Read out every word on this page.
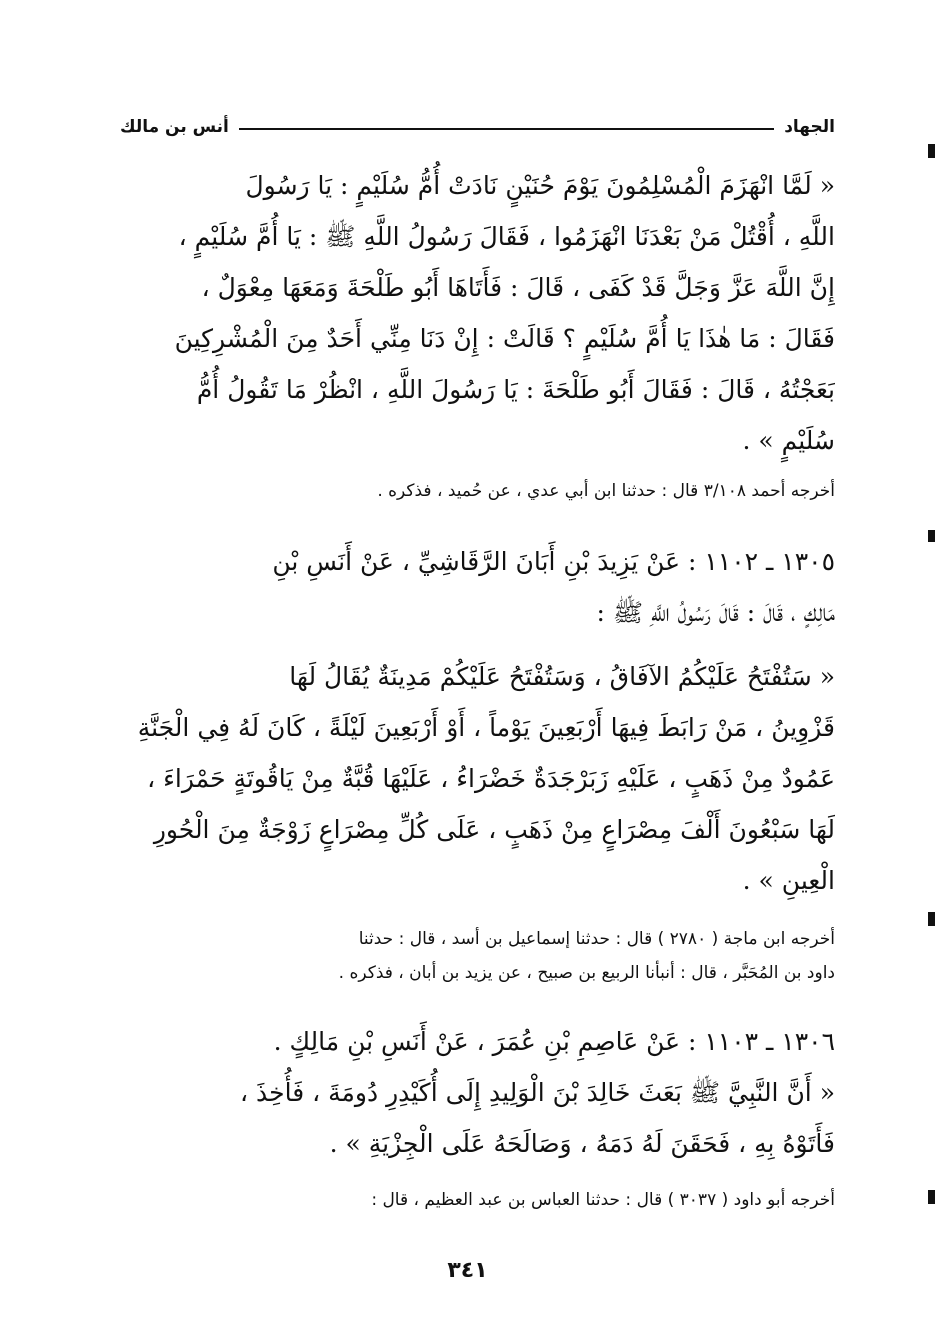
الجهاد
أنس بن مالك
« لَمَّا انْهَزَمَ الْمُسْلِمُونَ يَوْمَ حُنَيْنٍ نَادَتْ أُمُّ سُلَيْمٍ : يَا رَسُولَ
اللَّهِ ، أُقْتُلْ مَنْ بَعْدَنَا انْهَزَمُوا ، فَقَالَ رَسُولُ اللَّهِ ﷺ : يَا أُمَّ سُلَيْمٍ ،
إِنَّ اللَّهَ عَزَّ وَجَلَّ قَدْ كَفَى ، قَالَ : فَأَتَاهَا أَبُو طَلْحَةَ وَمَعَهَا مِعْوَلٌ ،
فَقَالَ : مَا هٰذَا يَا أُمَّ سُلَيْمٍ ؟ قَالَتْ : إِنْ دَنَا مِنِّي أَحَدٌ مِنَ الْمُشْرِكِينَ
بَعَجْتُهُ ، قَالَ : فَقَالَ أَبُو طَلْحَةَ : يَا رَسُولَ اللَّهِ ، انْظُرْ مَا تَقُولُ أُمُّ
سُلَيْمٍ » .
أخرجه أحمد ٣/١٠٨ قال : حدثنا ابن أبي عدي ، عن حُميد ، فذكره .
١٣٠٥ ـ ١١٠٢ : عَنْ يَزِيدَ بْنِ أَبَانَ الرَّقَاشِيِّ ، عَنْ أَنَسِ بْنِ
مَالِكٍ ، قَالَ : قَالَ رَسُولُ اللَّهِ ﷺ :
« سَتُفْتَحُ عَلَيْكُمُ الآفَاقُ ، وَسَتُفْتَحُ عَلَيْكُمْ مَدِينَةٌ يُقَالُ لَهَا
قَزْوِينُ ، مَنْ رَابَطَ فِيهَا أَرْبَعِينَ يَوْماً ، أَوْ أَرْبَعِينَ لَيْلَةً ، كَانَ لَهُ فِي الْجَنَّةِ
عَمُودٌ مِنْ ذَهَبٍ ، عَلَيْهِ زَبَرْجَدَةٌ خَضْرَاءُ ، عَلَيْهَا قُبَّةٌ مِنْ يَاقُوتَةٍ حَمْرَاءَ ،
لَهَا سَبْعُونَ أَلْفَ مِصْرَاعٍ مِنْ ذَهَبٍ ، عَلَى كُلِّ مِصْرَاعٍ زَوْجَةٌ مِنَ الْحُورِ
الْعِينِ » .
أخرجه ابن ماجة ( ٢٧٨٠ ) قال : حدثنا إسماعيل بن أسد ، قال : حدثنا
داود بن المُحَبَّر ، قال : أنبأنا الربيع بن صبيح ، عن يزيد بن أبان ، فذكره .
١٣٠٦ ـ ١١٠٣ : عَنْ عَاصِمِ بْنِ عُمَرَ ، عَنْ أَنَسِ بْنِ مَالِكٍ .
« أَنَّ النَّبِيَّ ﷺ بَعَثَ خَالِدَ بْنَ الْوَلِيدِ إِلَى أُكَيْدِرِ دُومَةَ ، فَأُخِذَ ،
فَأَتَوْهُ بِهِ ، فَحَقَنَ لَهُ دَمَهُ ، وَصَالَحَهُ عَلَى الْجِزْيَةِ » .
أخرجه أبو داود ( ٣٠٣٧ ) قال : حدثنا العباس بن عبد العظيم ، قال :
٣٤١
